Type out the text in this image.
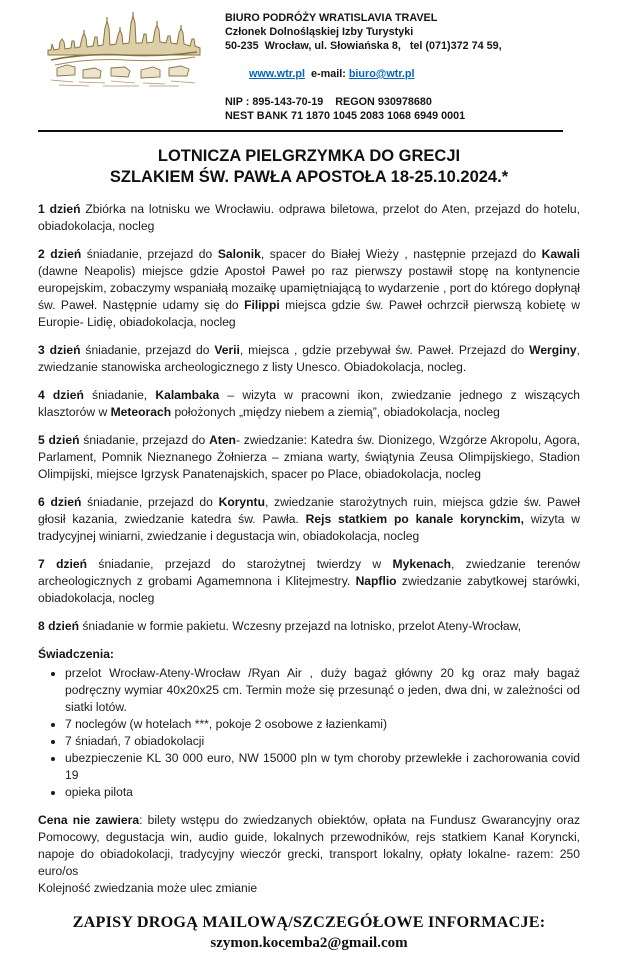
BIURO PODRÓŻY WRATISLAVIA TRAVEL
Członek Dolnośląskiej Izby Turystyki
50-235  Wrocław, ul. Słowiańska 8,   tel (071)372 74 59,

www.wtr.pl e-mail: biuro@wtr.pl

NIP : 895-143-70-19    REGON 930978680
NEST BANK 71 1870 1045 2083 1068 6949 0001
LOTNICZA PIELGRZYMKA DO GRECJI
SZLAKIEM ŚW. PAWŁA APOSTOŁA 18-25.10.2024.*

1 dzień Zbiórka na lotnisku we Wrocławiu. odprawa biletowa, przelot do Aten, przejazd do hotelu, obiadokolacja, nocleg

2 dzień śniadanie, przejazd do Salonik, spacer do Białej Wieży , następnie przejazd do Kawali (dawne Neapolis) miejsce gdzie Apostoł Paweł po raz pierwszy postawił stopę na kontynencie europejskim, zobaczymy wspaniałą mozaikę upamiętniającą to wydarzenie , port do którego dopłynął św. Paweł. Następnie udamy się do Filippi miejsca gdzie św. Paweł ochrzcił pierwszą kobietę w Europie- Lidię, obiadokolacja, nocleg

3 dzień śniadanie, przejazd do Verii, miejsca , gdzie przebywał św. Paweł. Przejazd do Werginy, zwiedzanie stanowiska archeologicznego z listy Unesco. Obiadokolacja, nocleg.

4 dzień śniadanie, Kalambaka – wizyta w pracowni ikon, zwiedzanie jednego z wiszących klasztorów w Meteorach położonych „między niebem a ziemią”, obiadokolacja, nocleg

5 dzień śniadanie, przejazd do Aten- zwiedzanie: Katedra św. Dionizego, Wzgórze Akropolu, Agora, Parlament, Pomnik Nieznanego Żołnierza – zmiana warty, świątynia Zeusa Olimpijskiego, Stadion Olimpijski, miejsce Igrzysk Panatenajskich, spacer po Place, obiadokolacja, nocleg

6 dzień śniadanie, przejazd do Koryntu, zwiedzanie starożytnych ruin, miejsca gdzie św. Paweł głosił kazania, zwiedzanie katedra św. Pawła. Rejs statkiem po kanale korynckim, wizyta w tradycyjnej winiarni, zwiedzanie i degustacja win, obiadokolacja, nocleg

7 dzień śniadanie, przejazd do starożytnej twierdzy w Mykenach, zwiedzanie terenów archeologicznych z grobami Agamemnona i Klitejmestry. Napflio zwiedzanie zabytkowej starówki, obiadokolacja, nocleg

8 dzień śniadanie w formie pakietu. Wczesny przejazd na lotnisko, przelot Ateny-Wrocław,

Świadczenia:
• przelot Wrocław-Ateny-Wrocław /Ryan Air , duży bagaż główny 20 kg oraz mały bagaż podręczny wymiar 40x20x25 cm. Termin może się przesunąć o jeden, dwa dni, w zależności od siatki lotów.
• 7 noclegów (w hotelach ***, pokoje 2 osobowe z łazienkami)
• 7 śniadań, 7 obiadokolacji
• ubezpieczenie KL 30 000 euro, NW 15000 pln w tym choroby przewlekłe i zachorowania covid 19
• opieka pilota

Cena nie zawiera: bilety wstępu do zwiedzanych obiektów, opłata na Fundusz Gwarancyjny oraz Pomocowy, degustacja win, audio guide, lokalnych przewodników, rejs statkiem Kanał Koryncki, napoje do obiadokolacji, tradycyjny wieczór grecki, transport lokalny, opłaty lokalne- razem: 250 euro/os

Kolejność zwiedzania może ulec zmianie
ZAPISY DROGĄ MAILOWĄ/SZCZEGÓŁOWE INFORMACJE:
szymon.kocemba2@gmail.com
